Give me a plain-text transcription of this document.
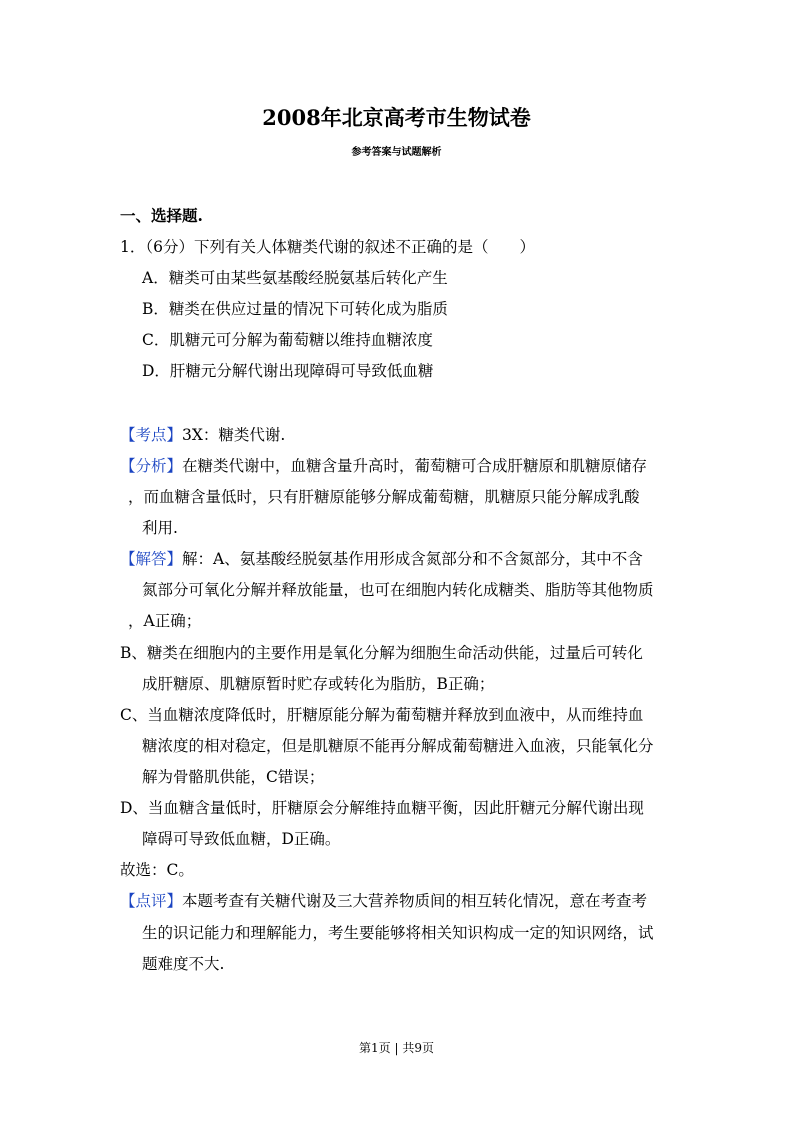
2008年北京高考市生物试卷

参考答案与试题解析

一、选择题.

1．（6分）下列有关人体糖类代谢的叙述不正确的是（　　）

A．糖类可由某些氨基酸经脱氨基后转化产生

B．糖类在供应过量的情况下可转化成为脂质

C．肌糖元可分解为葡萄糖以维持血糖浓度

D．肝糖元分解代谢出现障碍可导致低血糖

【考点】3X：糖类代谢.

【分析】在糖类代谢中，血糖含量升高时，葡萄糖可合成肝糖原和肌糖原储存

，而血糖含量低时，只有肝糖原能够分解成葡萄糖，肌糖原只能分解成乳酸

利用.

【解答】解：A、氨基酸经脱氨基作用形成含氮部分和不含氮部分，其中不含

氮部分可氧化分解并释放能量，也可在细胞内转化成糖类、脂肪等其他物质

，A正确；

B、糖类在细胞内的主要作用是氧化分解为细胞生命活动供能，过量后可转化

成肝糖原、肌糖原暂时贮存或转化为脂肪，B正确；

C、当血糖浓度降低时，肝糖原能分解为葡萄糖并释放到血液中，从而维持血

糖浓度的相对稳定，但是肌糖原不能再分解成葡萄糖进入血液，只能氧化分

解为骨骼肌供能，C错误；

D、当血糖含量低时，肝糖原会分解维持血糖平衡，因此肝糖元分解代谢出现

障碍可导致低血糖，D正确。

故选：C。

【点评】本题考查有关糖代谢及三大营养物质间的相互转化情况，意在考查考

生的识记能力和理解能力，考生要能够将相关知识构成一定的知识网络，试

题难度不大.

第1页 | 共9页
